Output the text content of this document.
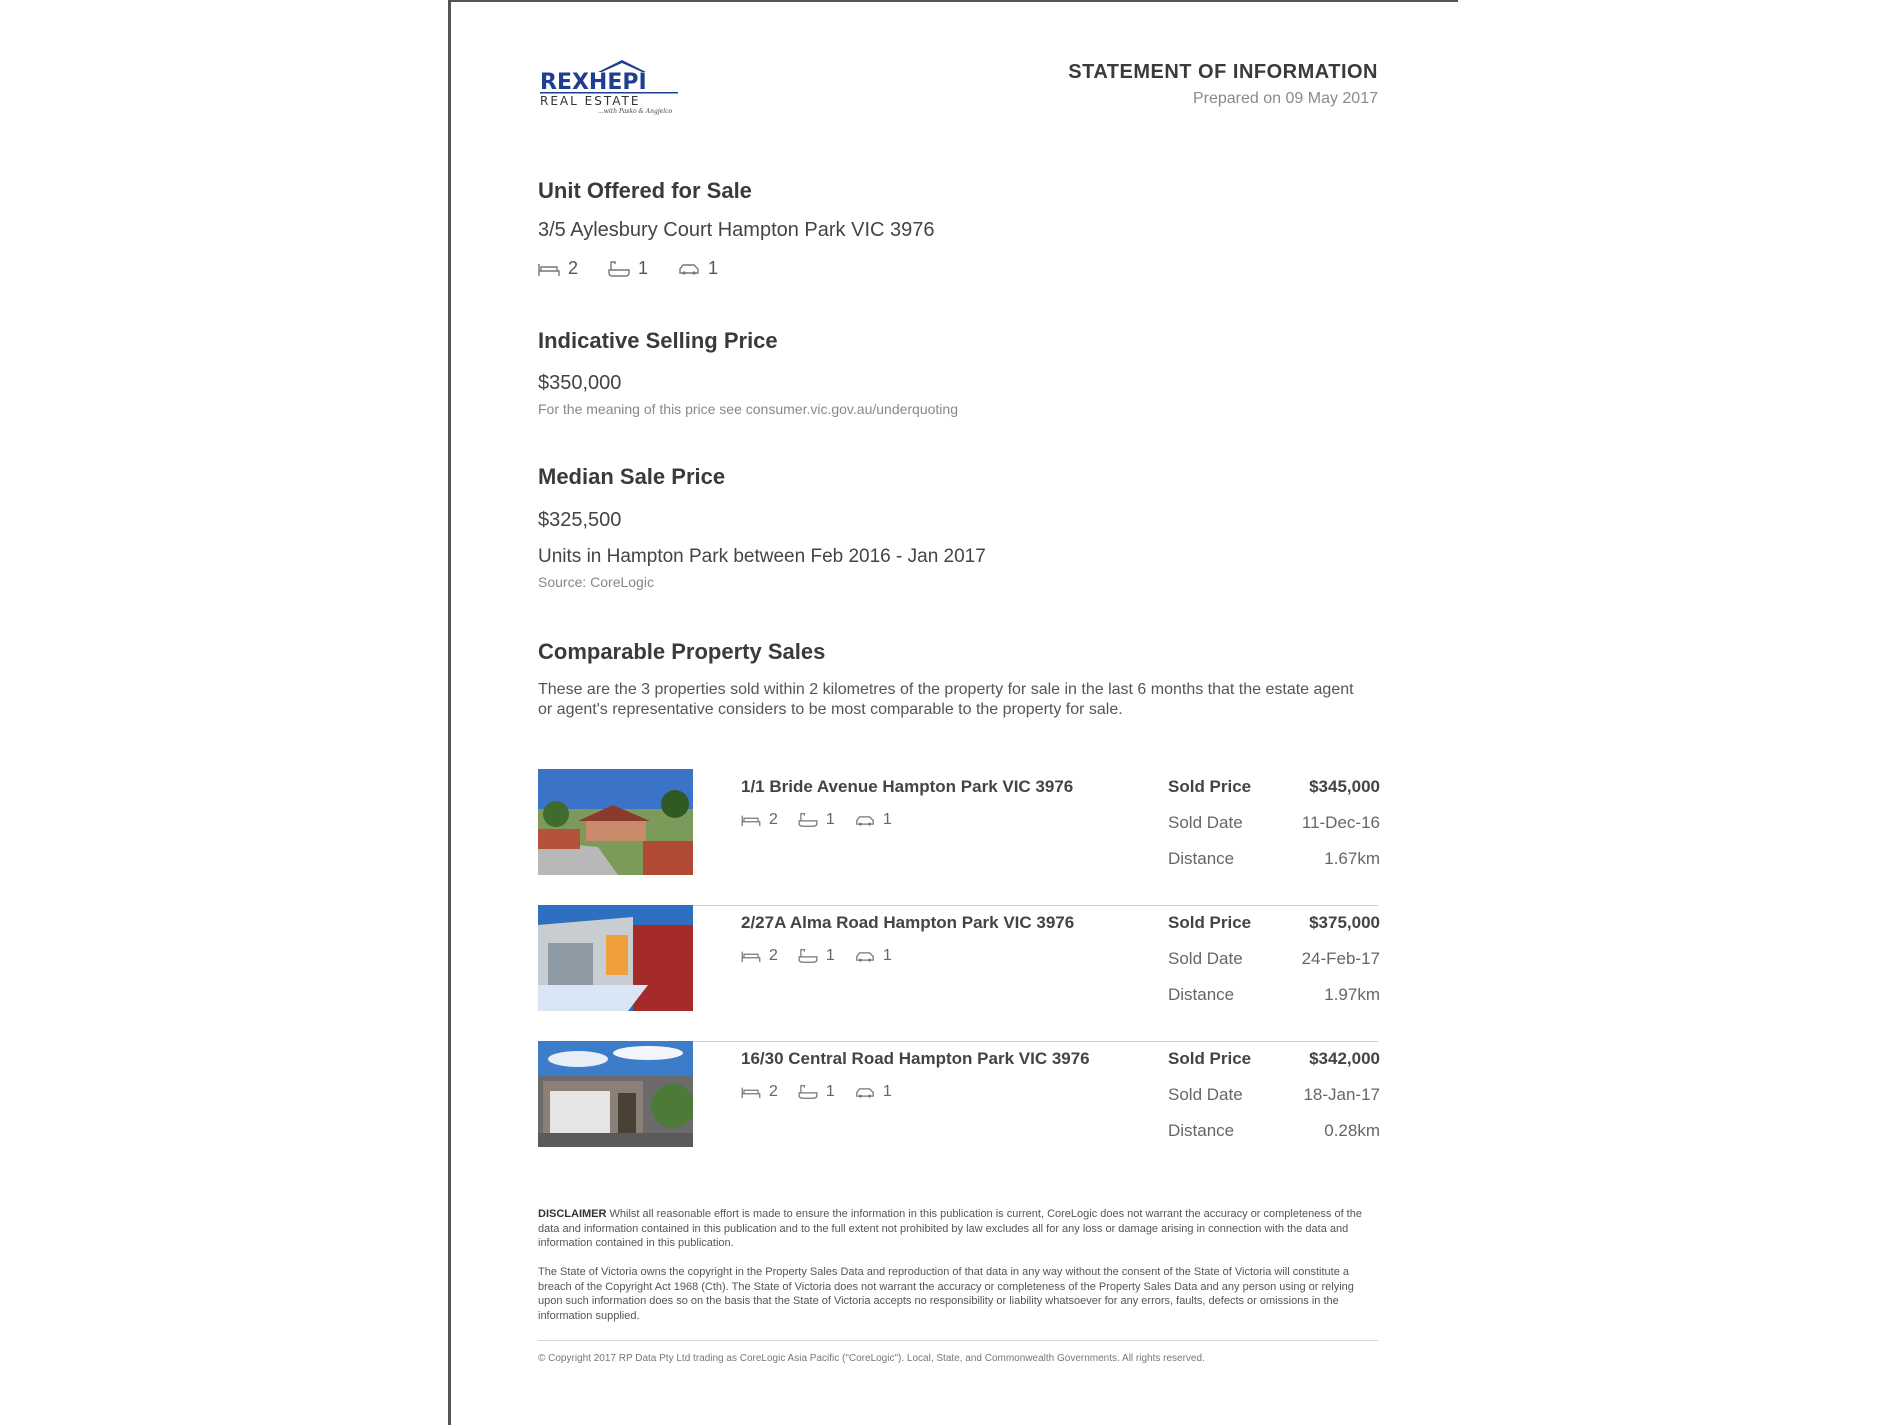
REXHEPI
REAL ESTATE
...with Pasko & Angjelco
STATEMENT OF INFORMATION
Prepared on 09 May 2017
Unit Offered for Sale
3/5 Aylesbury Court Hampton Park VIC 3976
2	1	1
Indicative Selling Price
$350,000
For the meaning of this price see consumer.vic.gov.au/underquoting
Median Sale Price
$325,500
Units in Hampton Park between Feb 2016 - Jan 2017
Source: CoreLogic
Comparable Property Sales
These are the 3 properties sold within 2 kilometres of the property for sale in the last 6 months that the estate agent or agent's representative considers to be most comparable to the property for sale.
1/1 Bride Avenue Hampton Park VIC 3976
2	1	1
Sold Price	$345,000
Sold Date	11-Dec-16
Distance	1.67km
2/27A Alma Road Hampton Park VIC 3976
2	1	1
Sold Price	$375,000
Sold Date	24-Feb-17
Distance	1.97km
16/30 Central Road Hampton Park VIC 3976
2	1	1
Sold Price	$342,000
Sold Date	18-Jan-17
Distance	0.28km
DISCLAIMER Whilst all reasonable effort is made to ensure the information in this publication is current, CoreLogic does not warrant the accuracy or completeness of the data and information contained in this publication and to the full extent not prohibited by law excludes all for any loss or damage arising in connection with the data and information contained in this publication.
The State of Victoria owns the copyright in the Property Sales Data and reproduction of that data in any way without the consent of the State of Victoria will constitute a breach of the Copyright Act 1968 (Cth). The State of Victoria does not warrant the accuracy or completeness of the Property Sales Data and any person using or relying upon such information does so on the basis that the State of Victoria accepts no responsibility or liability whatsoever for any errors, faults, defects or omissions in the information supplied.
© Copyright 2017 RP Data Pty Ltd trading as CoreLogic Asia Pacific ("CoreLogic"). Local, State, and Commonwealth Governments. All rights reserved.
